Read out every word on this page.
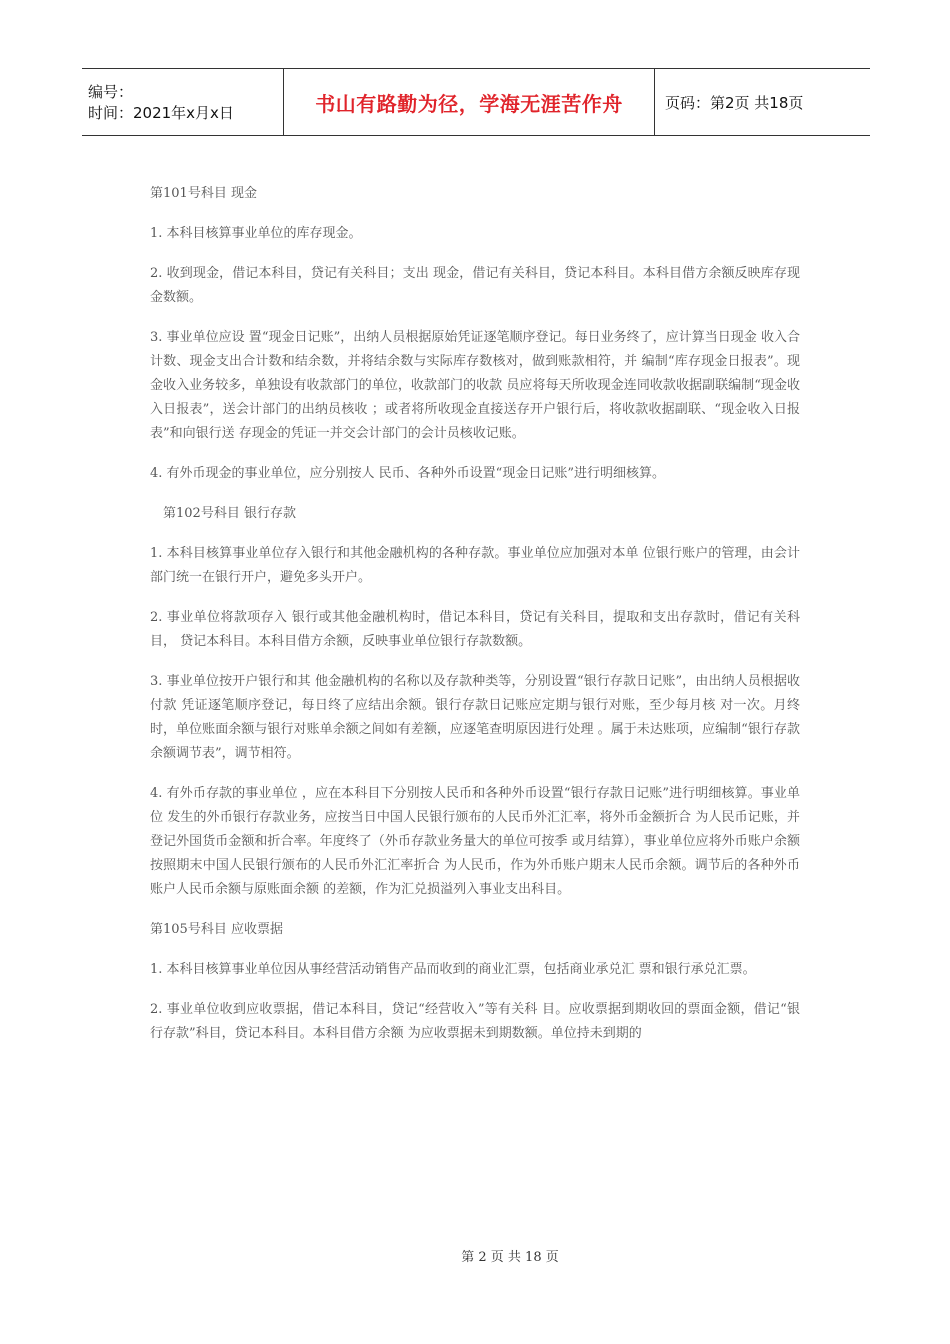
编号：
时间：2021年x月x日	书山有路勤为径，学海无涯苦作舟	页码：第2页 共18页

第101号科目 现金

1. 本科目核算事业单位的库存现金。

2. 收到现金，借记本科目，贷记有关科目；支出 现金，借记有关科目，贷记本科目。本科目借方余额反映库存现金数额。

3. 事业单位应设 置“现金日记账”，出纳人员根据原始凭证逐笔顺序登记。每日业务终了，应计算当日现金 收入合计数、现金支出合计数和结余数，并将结余数与实际库存数核对，做到账款相符，并 编制“库存现金日报表”。现金收入业务较多，单独设有收款部门的单位，收款部门的收款 员应将每天所收现金连同收款收据副联编制“现金收入日报表”，送会计部门的出纳员核收 ；或者将所收现金直接送存开户银行后，将收款收据副联、“现金收入日报表”和向银行送 存现金的凭证一并交会计部门的会计员核收记账。

4. 有外币现金的事业单位，应分别按人 民币、各种外币设置“现金日记账”进行明细核算。

第102号科目 银行存款

1. 本科目核算事业单位存入银行和其他金融机构的各种存款。事业单位应加强对本单 位银行账户的管理，由会计部门统一在银行开户，避免多头开户。

2. 事业单位将款项存入 银行或其他金融机构时，借记本科目，贷记有关科目，提取和支出存款时，借记有关科目， 贷记本科目。本科目借方余额，反映事业单位银行存款数额。

3. 事业单位按开户银行和其 他金融机构的名称以及存款种类等，分别设置“银行存款日记账”，由出纳人员根据收付款 凭证逐笔顺序登记，每日终了应结出余额。银行存款日记账应定期与银行对账，至少每月核 对一次。月终时，单位账面余额与银行对账单余额之间如有差额，应逐笔查明原因进行处理 。属于未达账项，应编制“银行存款余额调节表”，调节相符。

4. 有外币存款的事业单位 ，应在本科目下分别按人民币和各种外币设置“银行存款日记账”进行明细核算。事业单位 发生的外币银行存款业务，应按当日中国人民银行颁布的人民币外汇汇率，将外币金额折合 为人民币记账，并登记外国货币金额和折合率。年度终了（外币存款业务量大的单位可按季 或月结算），事业单位应将外币账户余额按照期末中国人民银行颁布的人民币外汇汇率折合 为人民币，作为外币账户期末人民币余额。调节后的各种外币账户人民币余额与原账面余额 的差额，作为汇兑损溢列入事业支出科目。

第105号科目 应收票据

1. 本科目核算事业单位因从事经营活动销售产品而收到的商业汇票，包括商业承兑汇 票和银行承兑汇票。

2. 事业单位收到应收票据，借记本科目，贷记“经营收入”等有关科 目。应收票据到期收回的票面金额，借记“银行存款”科目，贷记本科目。本科目借方余额 为应收票据未到期数额。单位持未到期的

第 2 页 共 18 页
